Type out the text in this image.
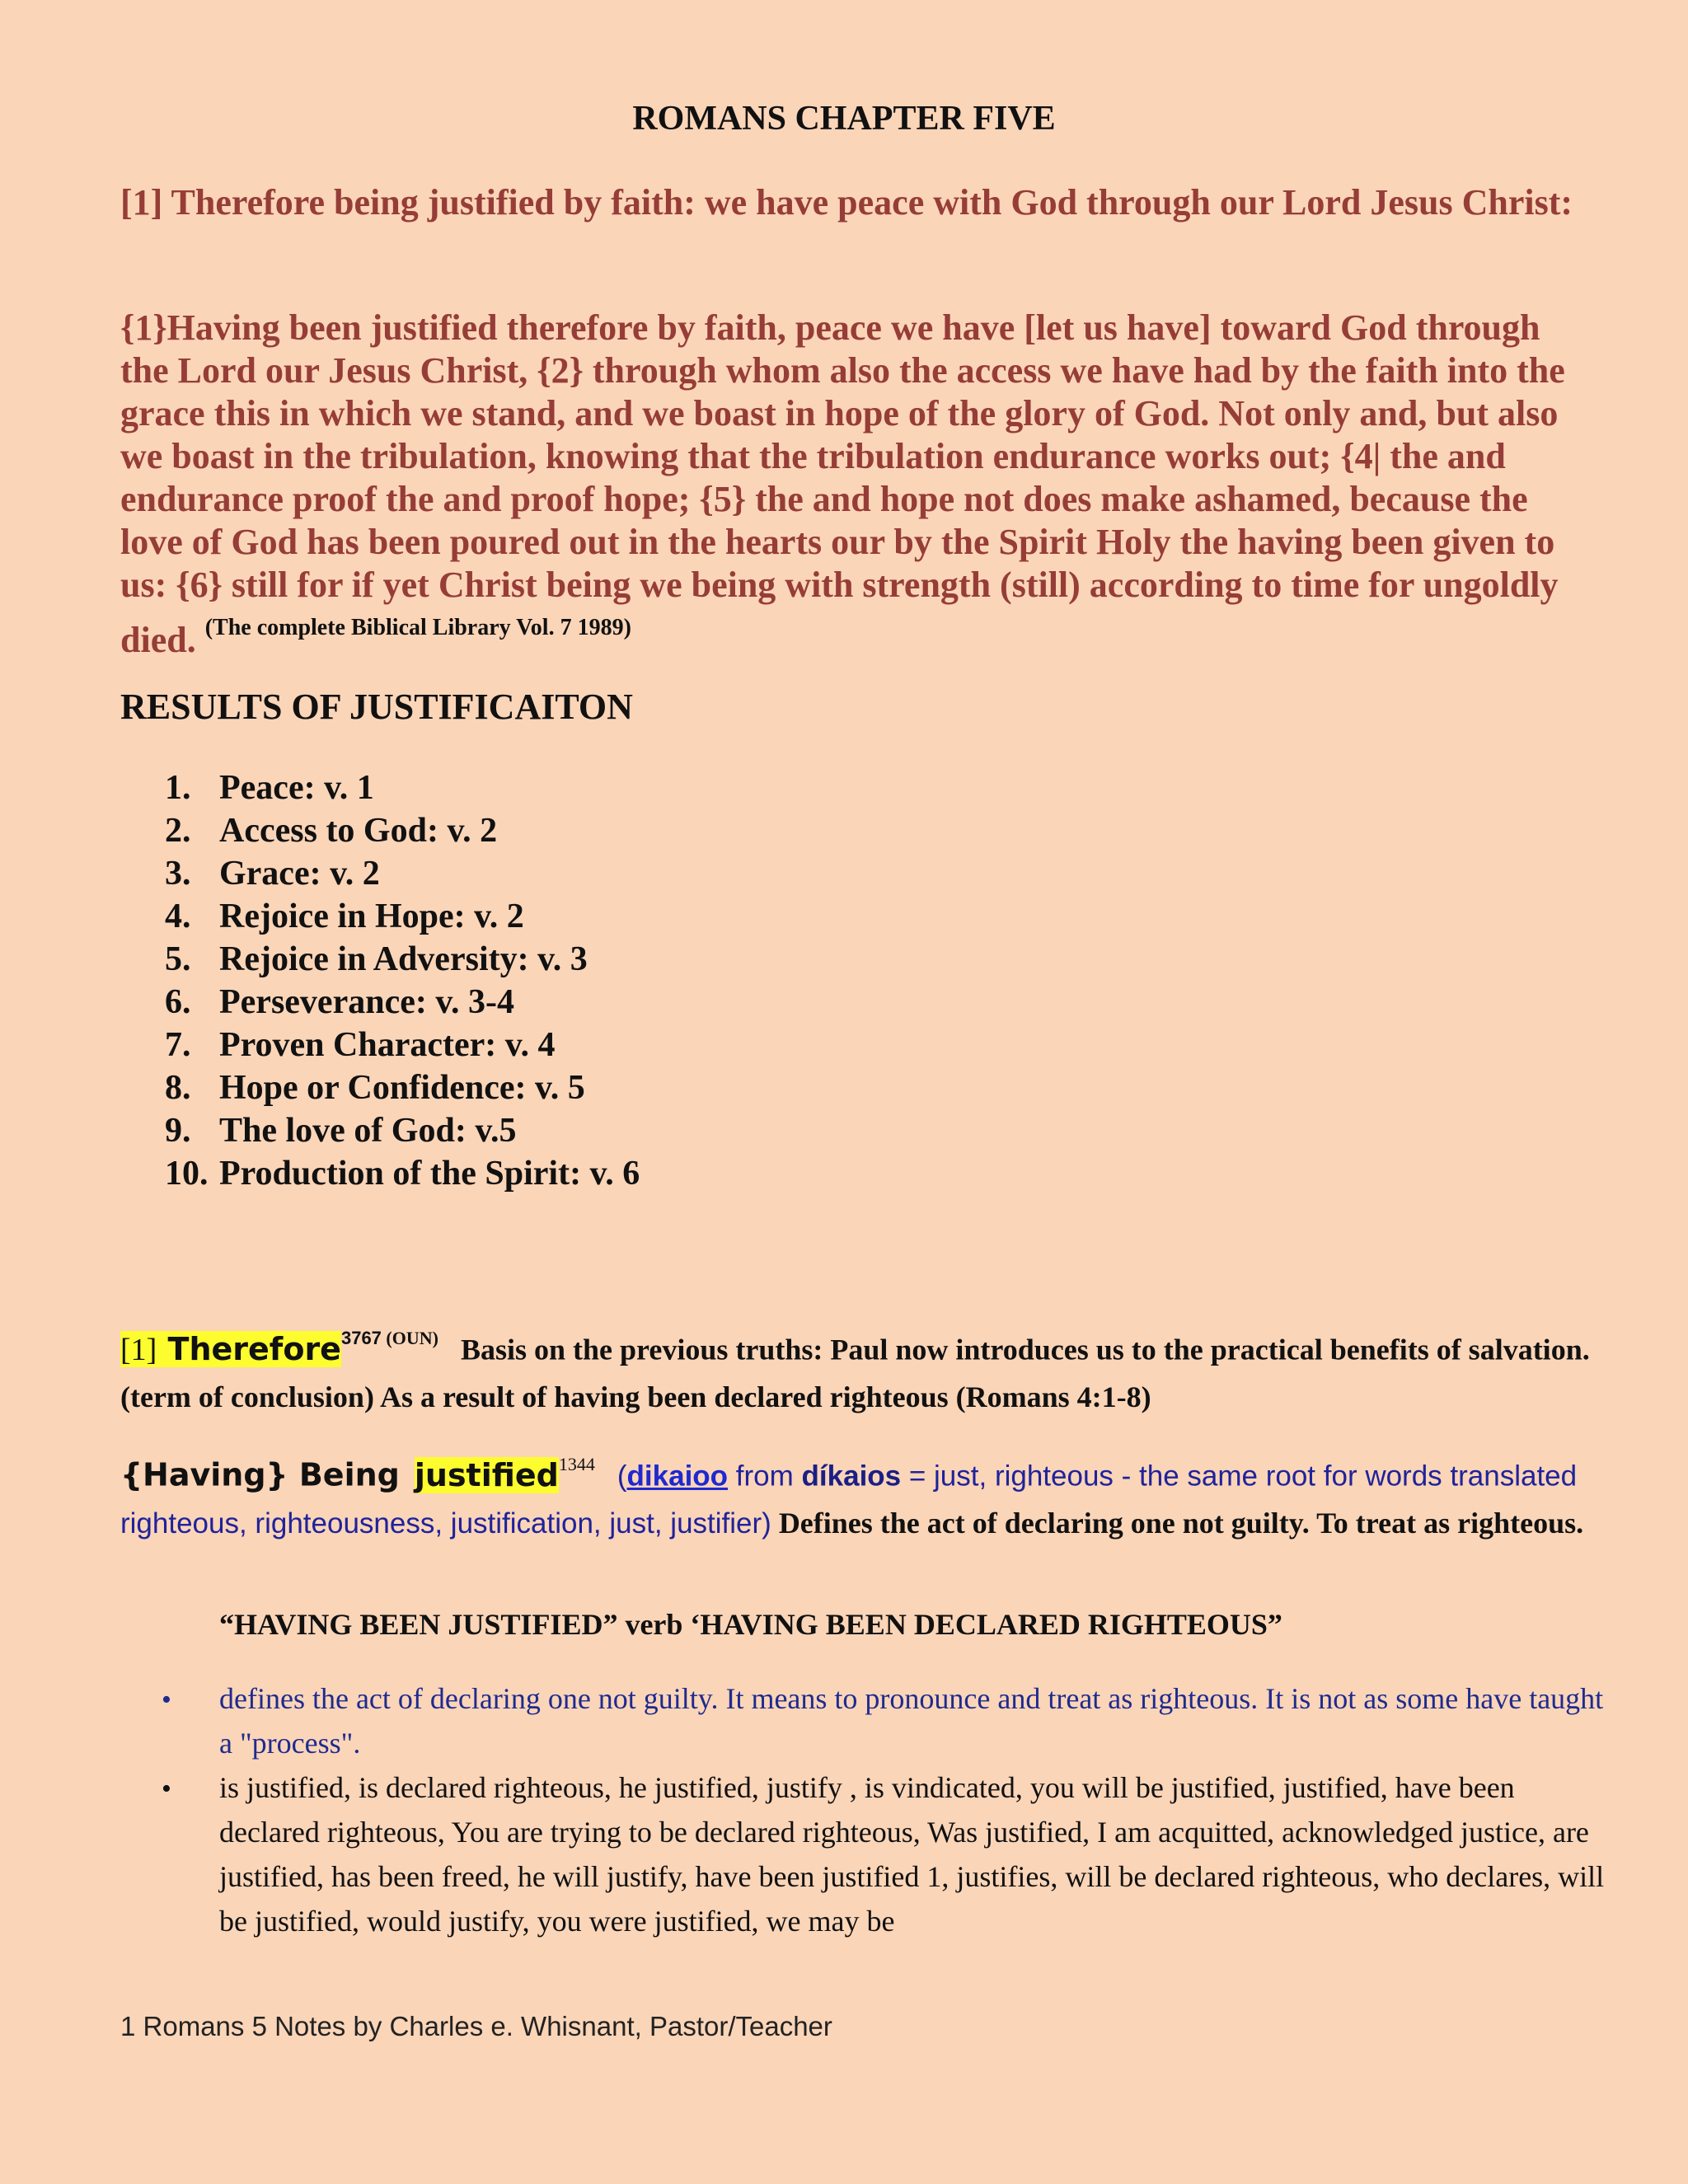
ROMANS CHAPTER FIVE
[1] Therefore being justified by faith: we have peace with God through our Lord Jesus Christ:
{1}Having been justified therefore by faith, peace we have [let us have] toward God through the Lord our Jesus Christ, {2} through whom also the access we have had by the faith into the grace this in which we stand, and we boast in hope of the glory of God. Not only and, but also we boast in the tribulation, knowing that the tribulation endurance works out; {4| the and endurance proof the and proof hope; {5} the and hope not does make ashamed, because the love of God has been poured out in the hearts our by the Spirit Holy the having been given to us: {6} still for if yet Christ being we being with strength (still) according to time for ungoldly died. $^{(The complete Biblical Library Vol. 7 1989)}$
RESULTS OF JUSTIFICAITON
1. Peace: v. 1
2. Access to God: v. 2
3. Grace: v. 2
4. Rejoice in Hope: v. 2
5. Rejoice in Adversity: v. 3
6. Perseverance: v. 3-4
7. Proven Character: v. 4
8. Hope or Confidence: v. 5
9. The love of God: v.5
10. Production of the Spirit: v. 6
[1] Therefore$^{3767 (OUN)}$ Basis on the previous truths: Paul now introduces us to the practical benefits of salvation. (term of conclusion) As a result of having been declared righteous (Romans 4:1-8)
{Having} Being justified$^{1344}$ (dikaioo from díkaios = just, righteous - the same root for words translated righteous, righteousness, justification, just, justifier) Defines the act of declaring one not guilty. To treat as righteous.
“HAVING BEEN JUSTIFIED” verb ‘HAVING BEEN DECLARED RIGHTEOUS”
•
defines the act of declaring one not guilty. It means to pronounce and treat as righteous. It is not as some have taught a "process".
•
is justified, is declared righteous, he justified, justify , is vindicated, you will be justified, justified, have been declared righteous, You are trying to be declared righteous, Was justified, I am acquitted, acknowledged justice, are justified, has been freed, he will justify, have been justified 1, justifies, will be declared righteous, who declares, will be justified, would justify, you were justified, we may be
1 Romans 5 Notes by Charles e. Whisnant, Pastor/Teacher
